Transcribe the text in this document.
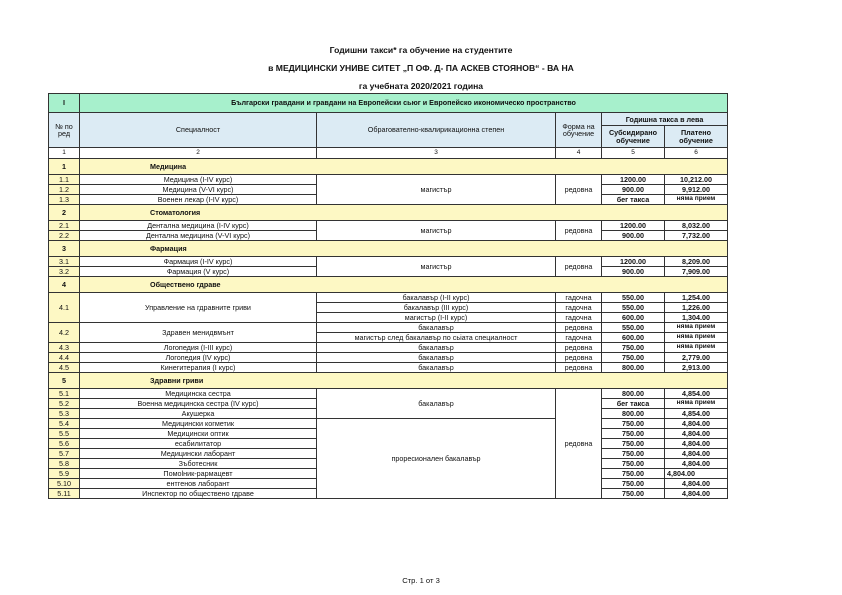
Годишни такси* га обучение на студентите
в МЕДИЦИНСКИ УНИВЕ СИТЕТ „П ОФ. Д- ПА АСКЕВ СТОЯНОВ“ - ВА НА
га учебната 2020/2021 година
I	Български гравдани и гравдани на Европейски сьюг и Европейско икономическо пространство				
№ по ред	Специалност	Обрагователно-квалирикационна степен	Форма на обучение	Годишна такса в лева	
				Субсидирано обучение	Платено обучение
1	2	3	4	5	6
1	Медицина				
1.1	Медицина (I-IV курс)	магистър	редовна	1200.00	10,212.00
1.2	Медицина (V-VI курс)			900.00	9,912.00
1.3	Военен лекар (I-IV курс)			бег такса	няма прием
2	Стоматология				
2.1	Дентална медицина (I-IV курс)	магистър	редовна	1200.00	8,032.00
2.2	Дентална медицина (V-VI курс)			900.00	7,732.00
3	Фармация				
3.1	Фармация (I-IV курс)	магистър	редовна	1200.00	8,209.00
3.2	Фармация (V курс)			900.00	7,909.00
4	Обществено гдраве				
4.1	Управление на гдравните гриви	бакалавър (I-II курс)	гадочна	550.00	1,254.00
		бакалавър (III курс)	гадочна	550.00	1,226.00
		магистър (I-II курс)	гадочна	600.00	1,304.00
4.2	Здравен менидвмънт	бакалавър	редовна	550.00	няма прием
		магистър след бакалавър по сьіата специалност	гадочна	600.00	няма прием
4.3	Логопедия (I-III курс)	бакалавър	редовна	750.00	няма прием
4.4	Логопедия (IV курс)	бакалавър	редовна	750.00	2,779.00
4.5	Кинегитерапия (I курс)	бакалавър	редовна	800.00	2,913.00
5	Здравни гриви				
5.1	Медицинска сестра	бакалавър	редовна	800.00	4,854.00
5.2	Военна медицинска сестра (IV курс)			бег такса	няма прием
5.3	Акушерка			800.00	4,854.00
5.4	Медицински когметик	проресионален бакалавър		750.00	4,804.00
5.5	Медицински оптик			750.00	4,804.00
5.6	есабилитатор			750.00	4,804.00
5.7	Медицински лаборант			750.00	4,804.00
5.8	Зъботесник			750.00	4,804.00
5.9	Помоlник-рармацевт			750.00	4,804.00
5.10	ентгенов лаборант			750.00	4,804.00
5.11	Инспектор по обществено гдраве			750.00	4,804.00
Стр. 1 от 3
